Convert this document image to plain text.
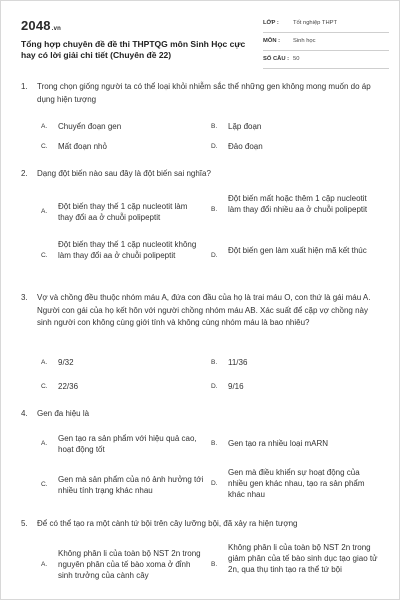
2048.vn
Tổng hợp chuyên đề đề thi THPTQG môn Sinh Học cực hay có lời giải chi tiết (Chuyên đề 22)
LỚP : Tốt nghiệp THPT
MÔN : Sinh học
SỐ CÂU : 50
1. Trong chọn giống người ta có thể loại khỏi nhiễm sắc thể những gen không mong muốn do áp dụng hiện tượng
A. Chuyển đoạn gen	B. Lặp đoạn
C. Mất đoạn nhỏ	D. Đảo đoạn
2. Dạng đột biến nào sau đây là đột biến sai nghĩa?
A.
Đột biến thay thế 1 cặp nucleotit làm thay đổi aa ở chuỗi polipeptit
B.
Đột biến mất hoặc thêm 1 cặp nucleotit làm thay đổi nhiều aa ở chuỗi polipeptit
C.
Đột biến thay thế 1 cặp nucleotit không làm thay đổi aa ở chuỗi polipeptit	D.
Đột biến gen làm xuất hiện mã kết thúc
3. Vợ và chồng đều thuộc nhóm máu A, đứa con đầu của họ là trai máu O, con thứ là gái máu A. Người con gái của họ kết hôn với người chồng nhóm máu AB. Xác suất để cặp vợ chồng này sinh người con không cùng giới tính và không cùng nhóm máu là bao nhiêu?
A. 9/32	B. 11/36
C. 22/36	D. 9/16
4. Gen đa hiệu là
A.
Gen tạo ra sản phẩm với hiệu quả cao, hoạt động tốt
B. Gen tạo ra nhiều loại mARN
C.
Gen mà sản phẩm của nó ảnh hưởng tới nhiều tính trạng khác nhau
D.
Gen mà điều khiển sự hoạt động của nhiều gen khác nhau, tạo ra sản phẩm khác nhau
5. Để có thể tạo ra một cành tứ bội trên cây lưỡng bội, đã xảy ra hiện tượng
A.
Không phân li của toàn bộ NST 2n trong nguyên phân của tế bào xoma ở đỉnh sinh trưởng của cành cây
B.
Không phân li của toàn bộ NST 2n trong giảm phân của tế bào sinh dục tạo giao tử 2n, qua thụ tinh tạo ra thể tứ bội
